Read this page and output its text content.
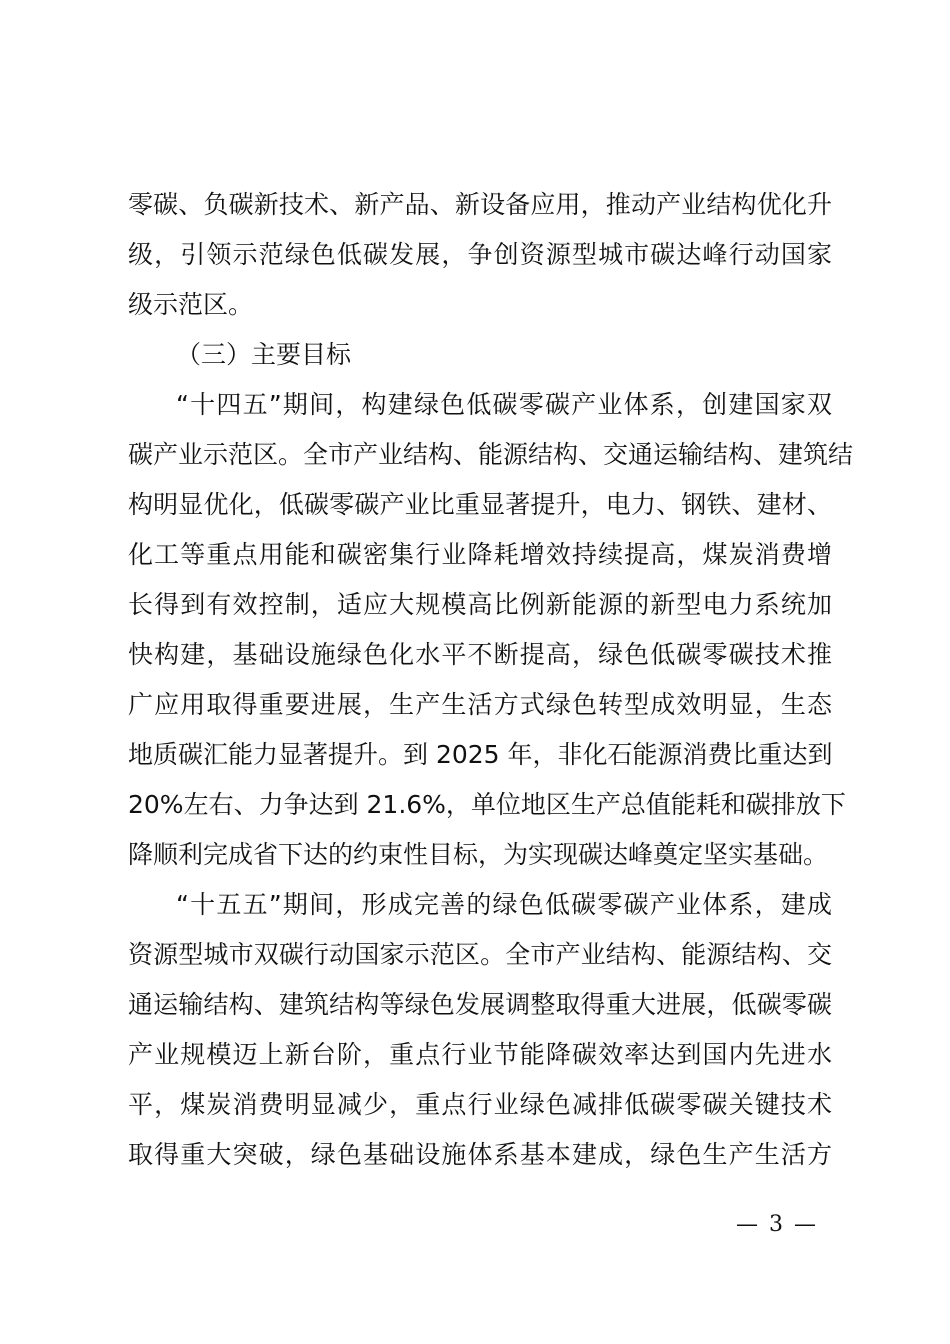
零碳、负碳新技术、新产品、新设备应用，推动产业结构优化升
级，引领示范绿色低碳发展，争创资源型城市碳达峰行动国家
级示范区。
（三）主要目标
“十四五”期间，构建绿色低碳零碳产业体系，创建国家双
碳产业示范区。全市产业结构、能源结构、交通运输结构、建筑结
构明显优化，低碳零碳产业比重显著提升，电力、钢铁、建材、
化工等重点用能和碳密集行业降耗增效持续提高，煤炭消费增
长得到有效控制，适应大规模高比例新能源的新型电力系统加
快构建，基础设施绿色化水平不断提高，绿色低碳零碳技术推
广应用取得重要进展，生产生活方式绿色转型成效明显，生态
地质碳汇能力显著提升。到 2025 年，非化石能源消费比重达到
20%左右、力争达到 21.6%，单位地区生产总值能耗和碳排放下
降顺利完成省下达的约束性目标，为实现碳达峰奠定坚实基础。
“十五五”期间，形成完善的绿色低碳零碳产业体系，建成
资源型城市双碳行动国家示范区。全市产业结构、能源结构、交
通运输结构、建筑结构等绿色发展调整取得重大进展，低碳零碳
产业规模迈上新台阶，重点行业节能降碳效率达到国内先进水
平，煤炭消费明显减少，重点行业绿色减排低碳零碳关键技术
取得重大突破，绿色基础设施体系基本建成，绿色生产生活方
— 3 —
